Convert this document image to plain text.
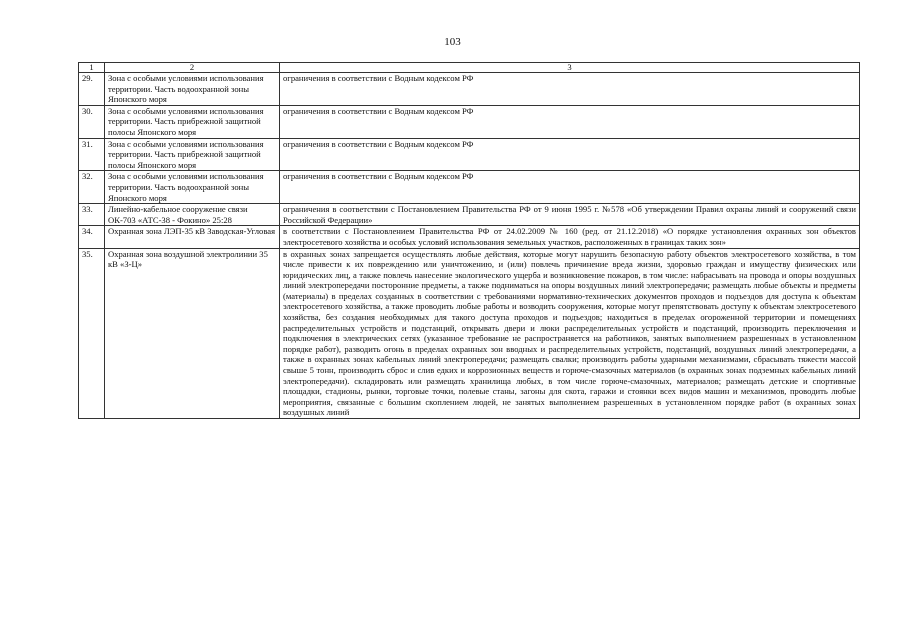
103
1	2	3
29.	Зона с особыми условиями использования территории. Часть водоохранной зоны Японского моря	ограничения в соответствии с Водным кодексом РФ
30.	Зона с особыми условиями использования территории. Часть прибрежной защитной полосы Японского моря	ограничения в соответствии с Водным кодексом РФ
31.	Зона с особыми условиями использования территории. Часть прибрежной защитной полосы Японского моря	ограничения в соответствии с Водным кодексом РФ
32.	Зона с особыми условиями использования территории. Часть водоохранной зоны Японского моря	ограничения в соответствии с Водным кодексом РФ
33.	Линейно-кабельное сооружение связи ОК-703 «АТС-38 - Фокино» 25:28	ограничения в соответствии с Постановлением Правительства РФ от 9 июня 1995 г. №578 «Об утверждении Правил охраны линий и сооружений связи Российской Федерации»
34.	Охранная зона ЛЭП-35 кВ Заводская-Угловая	в соответствии с Постановлением Правительства РФ от 24.02.2009 № 160 (ред. от 21.12.2018) «О порядке установления охранных зон объектов электросетевого хозяйства и особых условий использования земельных участков, расположенных в границах таких зон»
35.	Охранная зона воздушной электролинии 35 кВ «З-Ц»	в охранных зонах запрещается осуществлять любые действия, которые могут нарушить безопасную работу объектов электросетевого хозяйства, в том числе привести к их повреждению или уничтожению, и (или) повлечь причинение вреда жизни, здоровью граждан и имуществу физических или юридических лиц, а также повлечь нанесение экологического ущерба и возникновение пожаров, в том числе: набрасывать на провода и опоры воздушных линий электропередачи посторонние предметы, а также подниматься на опоры воздушных линий электропередачи; размещать любые объекты и предметы (материалы) в пределах созданных в соответствии с требованиями нормативно-технических документов проходов и подъездов для доступа к объектам электросетевого хозяйства, а также проводить любые работы и возводить сооружения, которые могут препятствовать доступу к объектам электросетевого хозяйства, без создания необходимых для такого доступа проходов и подъездов; находиться в пределах огороженной территории и помещениях распределительных устройств и подстанций, открывать двери и люки распределительных устройств и подстанций, производить переключения и подключения в электрических сетях (указанное требование не распространяется на работников, занятых выполнением разрешенных в установленном порядке работ), разводить огонь в пределах охранных зон вводных и распределительных устройств, подстанций, воздушных линий электропередачи, а также в охранных зонах кабельных линий электропередачи; размещать свалки; производить работы ударными механизмами, сбрасывать тяжести массой свыше 5 тонн, производить сброс и слив едких и коррозионных веществ и горюче-смазочных материалов (в охранных зонах подземных кабельных линий электропередачи). складировать или размещать хранилища любых, в том числе горюче-смазочных, материалов; размещать детские и спортивные площадки, стадионы, рынки, торговые точки, полевые станы, загоны для скота, гаражи и стоянки всех видов машин и механизмов, проводить любые мероприятия, связанные с большим скоплением людей, не занятых выполнением разрешенных в установленном порядке работ (в охранных зонах воздушных линий
